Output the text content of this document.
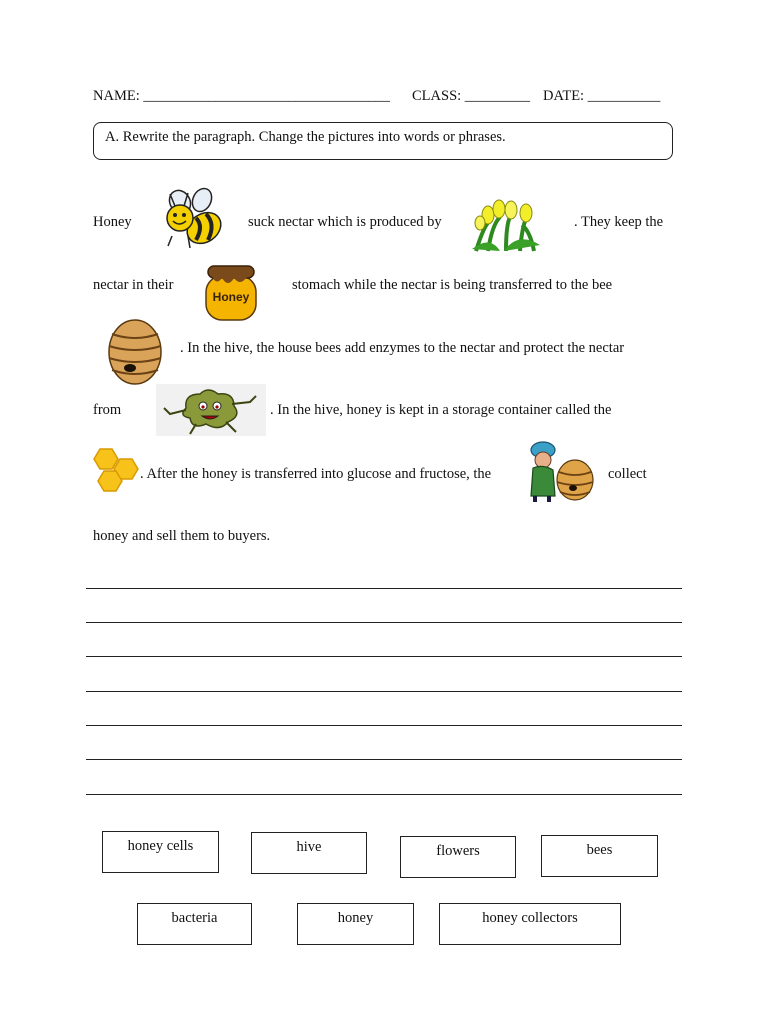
NAME: __________________________________ CLASS: _________ DATE: __________
A. Rewrite the paragraph. Change the pictures into words or phrases.
Honey	suck nectar which is produced by	. They keep the
nectar in their
Honey
stomach while the nectar is being transferred to the bee
. In the hive, the house bees add enzymes to the nectar and protect the nectar
from	. In the hive, honey is kept in a storage container called the
. After the honey is transferred into glucose and fructose, the	collect
honey and sell them to buyers.
honey cells	hive	flowers	bees
bacteria	honey	honey collectors
